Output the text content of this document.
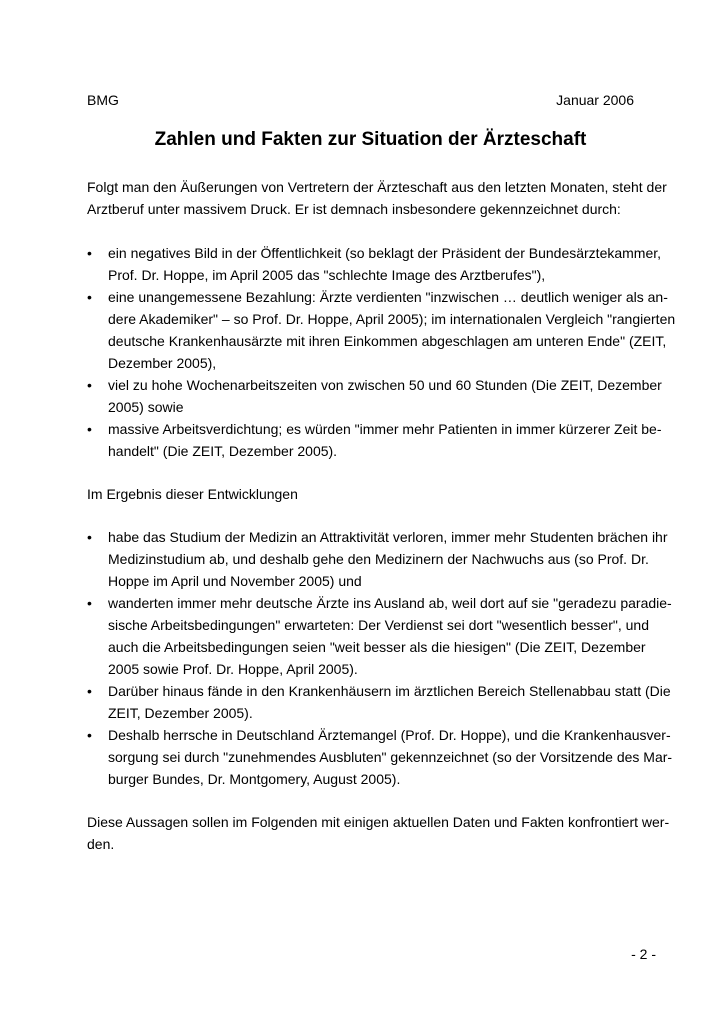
BMG	Januar 2006
Zahlen und Fakten zur Situation der Ärzteschaft
Folgt man den Äußerungen von Vertretern der Ärzteschaft aus den letzten Monaten, steht der
Arztberuf unter massivem Druck. Er ist demnach insbesondere gekennzeichnet durch:
• ein negatives Bild in der Öffentlichkeit (so beklagt der Präsident der Bundesärztekammer,
Prof. Dr. Hoppe, im April 2005 das "schlechte Image des Arztberufes"),
• eine unangemessene Bezahlung: Ärzte verdienten "inzwischen … deutlich weniger als an-
dere Akademiker" – so Prof. Dr. Hoppe, April 2005); im internationalen Vergleich "rangierten
deutsche Krankenhausärzte mit ihren Einkommen abgeschlagen am unteren Ende" (ZEIT,
Dezember 2005),
• viel zu hohe Wochenarbeitszeiten von zwischen 50 und 60 Stunden (Die ZEIT, Dezember
2005) sowie
• massive Arbeitsverdichtung; es würden "immer mehr Patienten in immer kürzerer Zeit be-
handelt" (Die ZEIT, Dezember 2005).
Im Ergebnis dieser Entwicklungen
• habe das Studium der Medizin an Attraktivität verloren, immer mehr Studenten brächen ihr
Medizinstudium ab, und deshalb gehe den Medizinern der Nachwuchs aus (so Prof. Dr.
Hoppe im April und November 2005) und
• wanderten immer mehr deutsche Ärzte ins Ausland ab, weil dort auf sie "geradezu paradie-
sische Arbeitsbedingungen" erwarteten: Der Verdienst sei dort "wesentlich besser", und
auch die Arbeitsbedingungen seien "weit besser als die hiesigen" (Die ZEIT, Dezember
2005 sowie Prof. Dr. Hoppe, April 2005).
• Darüber hinaus fände in den Krankenhäusern im ärztlichen Bereich Stellenabbau statt (Die
ZEIT, Dezember 2005).
• Deshalb herrsche in Deutschland Ärztemangel (Prof. Dr. Hoppe), und die Krankenhausver-
sorgung sei durch "zunehmendes Ausbluten" gekennzeichnet (so der Vorsitzende des Mar-
burger Bundes, Dr. Montgomery, August 2005).
Diese Aussagen sollen im Folgenden mit einigen aktuellen Daten und Fakten konfrontiert wer-
den.
- 2 -
